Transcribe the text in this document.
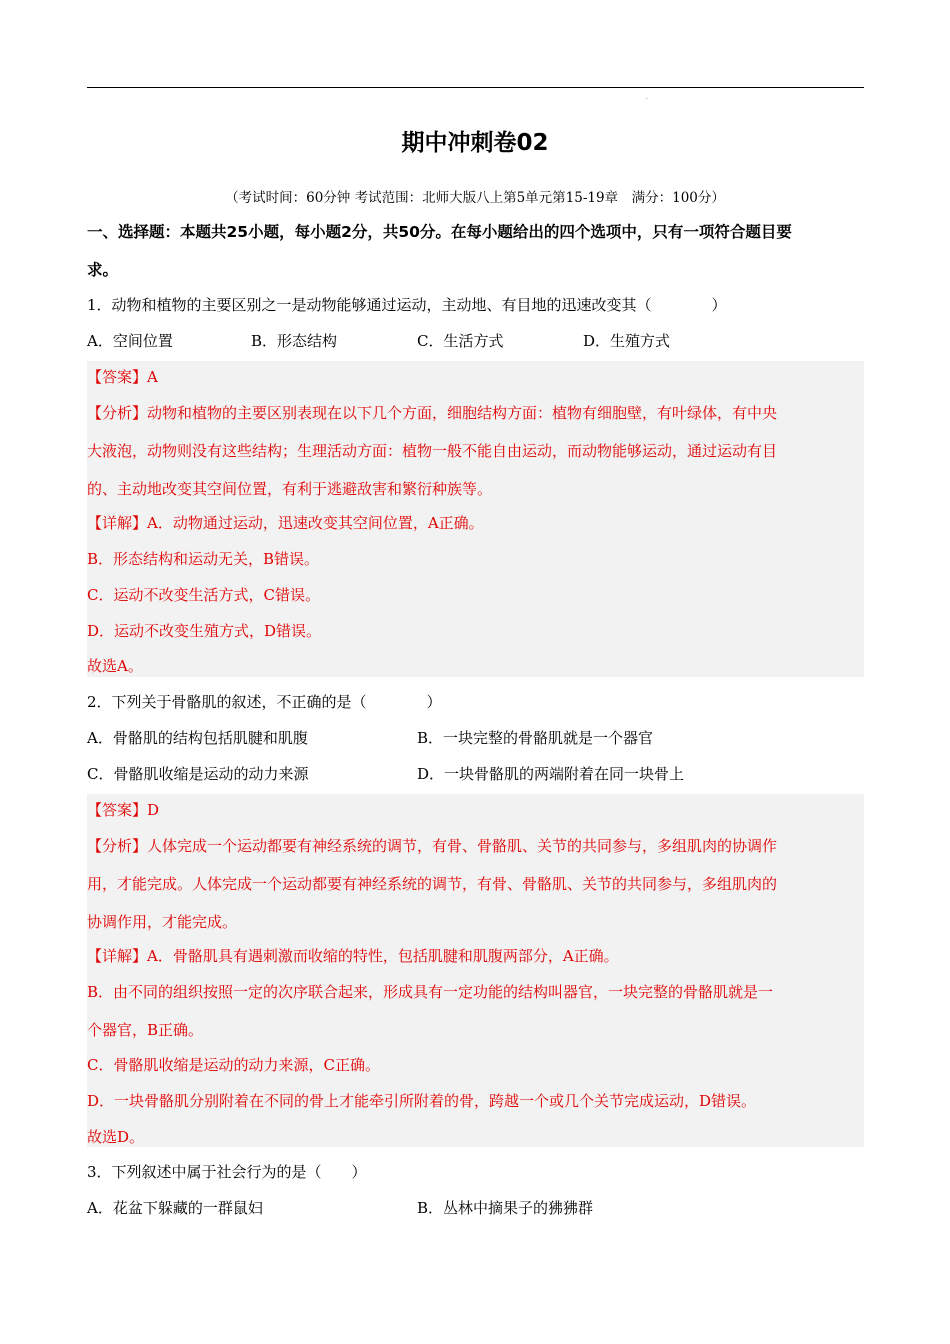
·
期中冲刺卷02
（考试时间：60分钟 考试范围：北师大版八上第5单元第15-19章　满分：100分）
一、选择题：本题共25小题，每小题2分，共50分。在每小题给出的四个选项中，只有一项符合题目要
求。
1．动物和植物的主要区别之一是动物能够通过运动，主动地、有目地的迅速改变其（　　　　）
A．空间位置	B．形态结构	C．生活方式	D．生殖方式
【答案】A
【分析】动物和植物的主要区别表现在以下几个方面，细胞结构方面：植物有细胞壁，有叶绿体，有中央
大液泡，动物则没有这些结构；生理活动方面：植物一般不能自由运动，而动物能够运动，通过运动有目
的、主动地改变其空间位置，有利于逃避敌害和繁衍种族等。
【详解】A．动物通过运动，迅速改变其空间位置，A正确。
B．形态结构和运动无关，B错误。
C．运动不改变生活方式，C错误。
D．运动不改变生殖方式，D错误。
故选A。
2．下列关于骨骼肌的叙述，不正确的是（　　　　）
A．骨骼肌的结构包括肌腱和肌腹	B．一块完整的骨骼肌就是一个器官
C．骨骼肌收缩是运动的动力来源	D．一块骨骼肌的两端附着在同一块骨上
【答案】D
【分析】人体完成一个运动都要有神经系统的调节，有骨、骨骼肌、关节的共同参与，多组肌肉的协调作
用，才能完成。人体完成一个运动都要有神经系统的调节，有骨、骨骼肌、关节的共同参与，多组肌肉的
协调作用，才能完成。
【详解】A．骨骼肌具有遇刺激而收缩的特性，包括肌腱和肌腹两部分，A正确。
B．由不同的组织按照一定的次序联合起来，形成具有一定功能的结构叫器官，一块完整的骨骼肌就是一
个器官，B正确。
C．骨骼肌收缩是运动的动力来源，C正确。
D．一块骨骼肌分别附着在不同的骨上才能牵引所附着的骨，跨越一个或几个关节完成运动，D错误。
故选D。
3．下列叙述中属于社会行为的是（　　）
A．花盆下躲藏的一群鼠妇	B．丛林中摘果子的狒狒群
